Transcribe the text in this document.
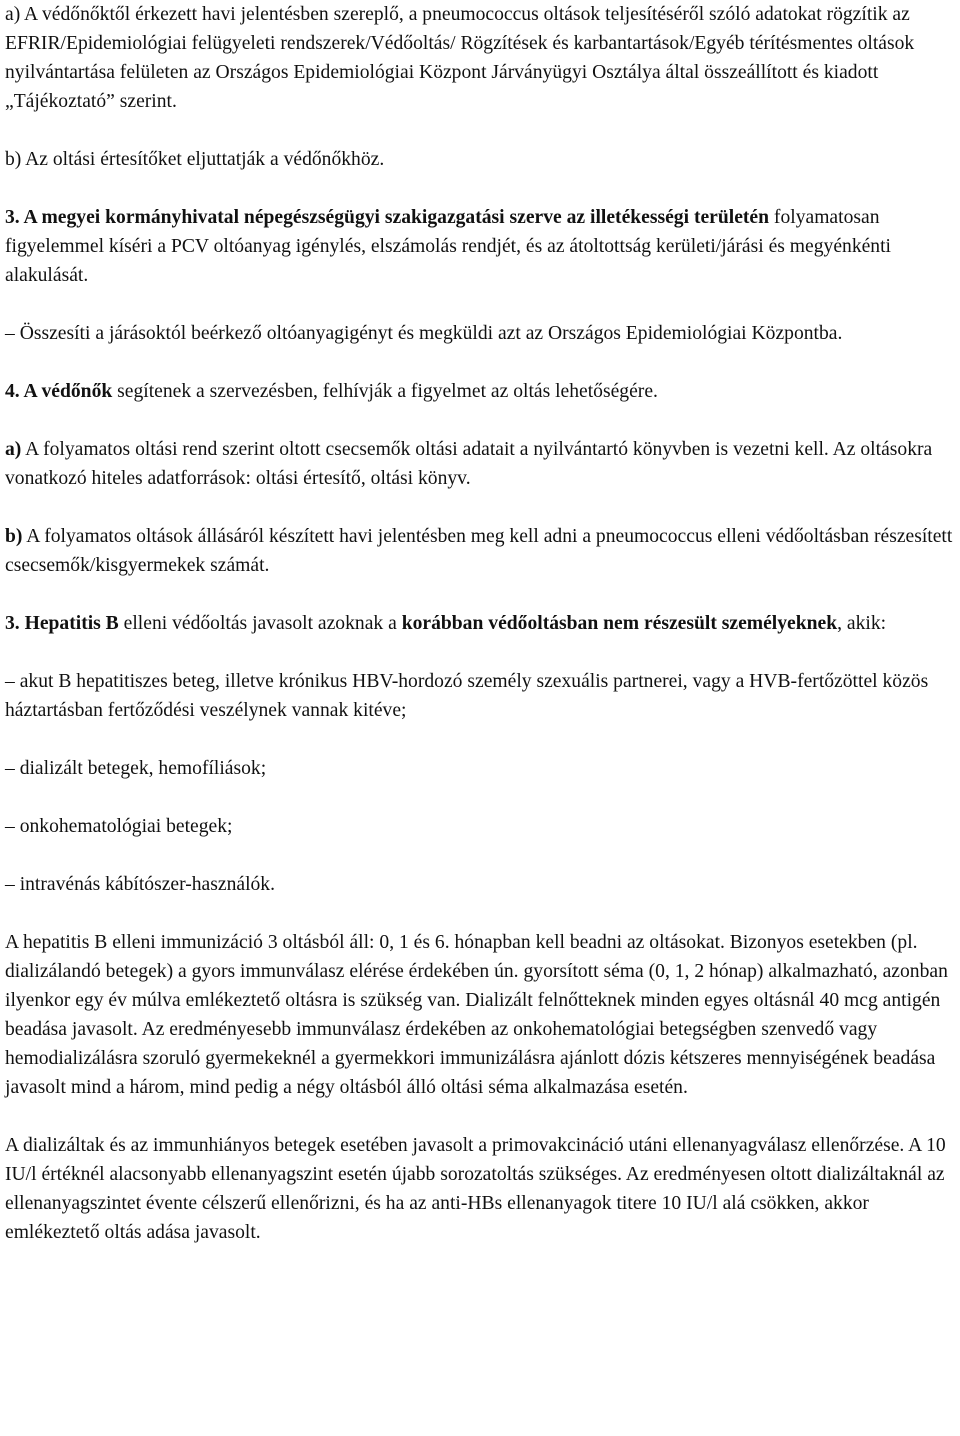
a) A védőnőktől érkezett havi jelentésben szereplő, a pneumococcus oltások teljesítéséről szóló adatokat rögzítik az EFRIR/Epidemiológiai felügyeleti rendszerek/Védőoltás/ Rögzítések és karbantartások/Egyéb térítésmentes oltások nyilvántartása felületen az Országos Epidemiológiai Központ Járványügyi Osztálya által összeállított és kiadott „Tájékoztató” szerint.

b) Az oltási értesítőket eljuttatják a védőnőkhöz.

3. A megyei kormányhivatal népegészségügyi szakigazgatási szerve az illetékességi területén folyamatosan figyelemmel kíséri a PCV oltóanyag igénylés, elszámolás rendjét, és az átoltottság kerületi/járási és megyénkénti alakulását.

– Összesíti a járásoktól beérkező oltóanyagigényt és megküldi azt az Országos Epidemiológiai Központba.

4. A védőnők segítenek a szervezésben, felhívják a figyelmet az oltás lehetőségére.

a) A folyamatos oltási rend szerint oltott csecsemők oltási adatait a nyilvántartó könyvben is vezetni kell. Az oltásokra vonatkozó hiteles adatforrások: oltási értesítő, oltási könyv.

b) A folyamatos oltások állásáról készített havi jelentésben meg kell adni a pneumococcus elleni védőoltásban részesített csecsemők/kisgyermekek számát.

3. Hepatitis B elleni védőoltás javasolt azoknak a korábban védőoltásban nem részesült személyeknek, akik:

– akut B hepatitiszes beteg, illetve krónikus HBV-hordozó személy szexuális partnerei, vagy a HVB-fertőzöttel közös háztartásban fertőződési veszélynek vannak kitéve;

– dializált betegek, hemofíliások;

– onkohematológiai betegek;

– intravénás kábítószer-használók.

A hepatitis B elleni immunizáció 3 oltásból áll: 0, 1 és 6. hónapban kell beadni az oltásokat. Bizonyos esetekben (pl. dializálandó betegek) a gyors immunválasz elérése érdekében ún. gyorsított séma (0, 1, 2 hónap) alkalmazható, azonban ilyenkor egy év múlva emlékeztető oltásra is szükség van. Dializált felnőtteknek minden egyes oltásnál 40 mcg antigén beadása javasolt. Az eredményesebb immunválasz érdekében az onkohematológiai betegségben szenvedő vagy hemodializálásra szoruló gyermekeknél a gyermekkori immunizálásra ajánlott dózis kétszeres mennyiségének beadása javasolt mind a három, mind pedig a négy oltásból álló oltási séma alkalmazása esetén.

A dializáltak és az immunhiányos betegek esetében javasolt a primovakcináció utáni ellenanyagválasz ellenőrzése. A 10 IU/l értéknél alacsonyabb ellenanyagszint esetén újabb sorozatoltás szükséges. Az eredményesen oltott dializáltaknál az ellenanyagszintet évente célszerű ellenőrizni, és ha az anti-HBs ellenanyagok titere 10 IU/l alá csökken, akkor emlékeztető oltás adása javasolt.
